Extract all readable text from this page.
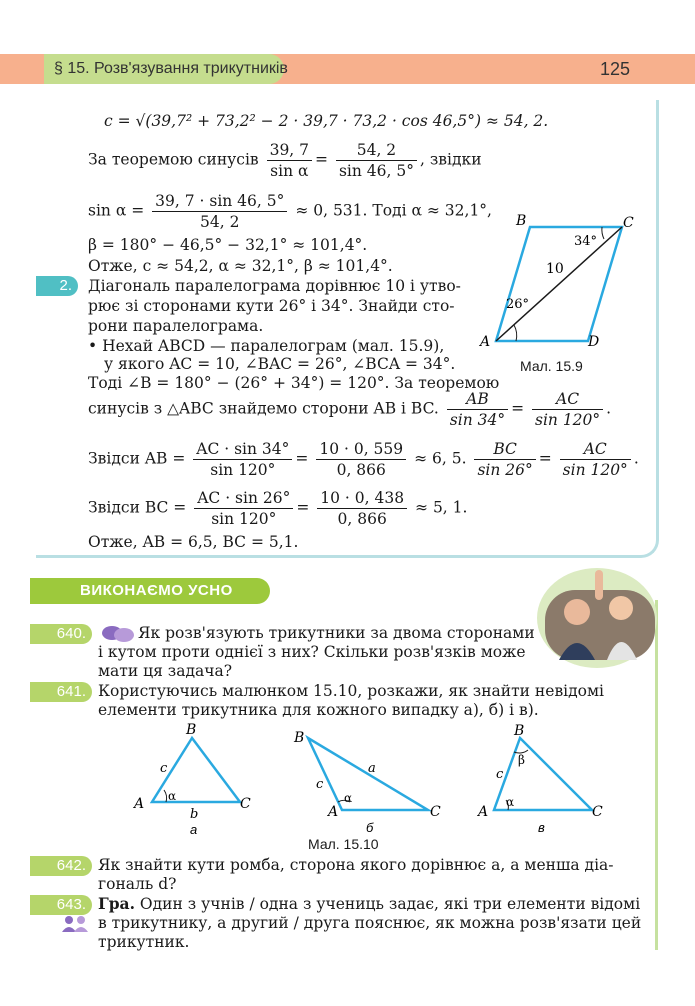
§ 15. Розв'язування трикутників	125
c = √(39,7² + 73,2² − 2 · 39,7 · 73,2 · cos 46,5°) ≈ 54, 2.
За теоремою синусів $\frac{39, 7}{\text{sin α}} = \frac{54, 2}{\sin 46, 5^\circ}$ , звідки
$\sin \alpha = \frac{39, 7 \cdot \sin 46, 5^\circ}{54, 2} \approx 0$, 531. Тоді α ≈ 32,1°,
β = 180° − 46,5° − 32,1° ≈ 101,4°.
Отже, c ≈ 54,2, α ≈ 32,1°, β ≈ 101,4°.
2.	Діагональ паралелограма дорівнює 10 і утво-
рює зі сторонами кути 26° і 34°. Знайди сто-
рони паралелограма.
• Нехай ABCD — паралелограм (мал. 15.9),
у якого AC = 10, ∠BAC = 26°, ∠BCA = 34°.
Тоді ∠B = 180° − (26° + 34°) = 120°. За теоремою
синусів з △ABC знайдемо сторони AB і BC. $\frac{AB}{\sin 34^\circ} = \frac{AC}{\sin 120^\circ}$ .
Звідси AB = $\frac{AC \cdot \sin 34^\circ}{\sin 120^\circ} = \frac{10 \cdot 0, 559}{0, 866} \approx 6$, 5. $\frac{BC}{\sin 26^\circ} = \frac{AC}{\sin 120^\circ}$ .
Звідси BC = $\frac{AC \cdot \sin 26^\circ}{\sin 120^\circ} = \frac{10 \cdot 0, 438}{0, 866} \approx 5$, 1.
Отже, AB = 6,5, BC = 5,1.
B	C
A	D
10
26°
34°
Мал. 15.9
ВИКОНАЄМО УСНО
640.	Як розв'язують трикутники за двома сторонами
і кутом проти однієї з них? Скільки розв'язків може
мати ця задача?
641. Користуючись малюнком 15.10, розкажи, як знайти невідомі
елементи трикутника для кожного випадку а), б) і в).
B
A	C
c
b
α
а
B
A	C
c
a
α
б
Мал. 15.10
B
A	C
c
α
β
в
642. Як знайти кути ромба, сторона якого дорівнює a, а менша діа-
гональ d?
643. Гра. Один з учнів / одна з учениць задає, які три елементи відомі
в трикутнику, а другий / друга пояснює, як можна розв'язати цей
трикутник.
